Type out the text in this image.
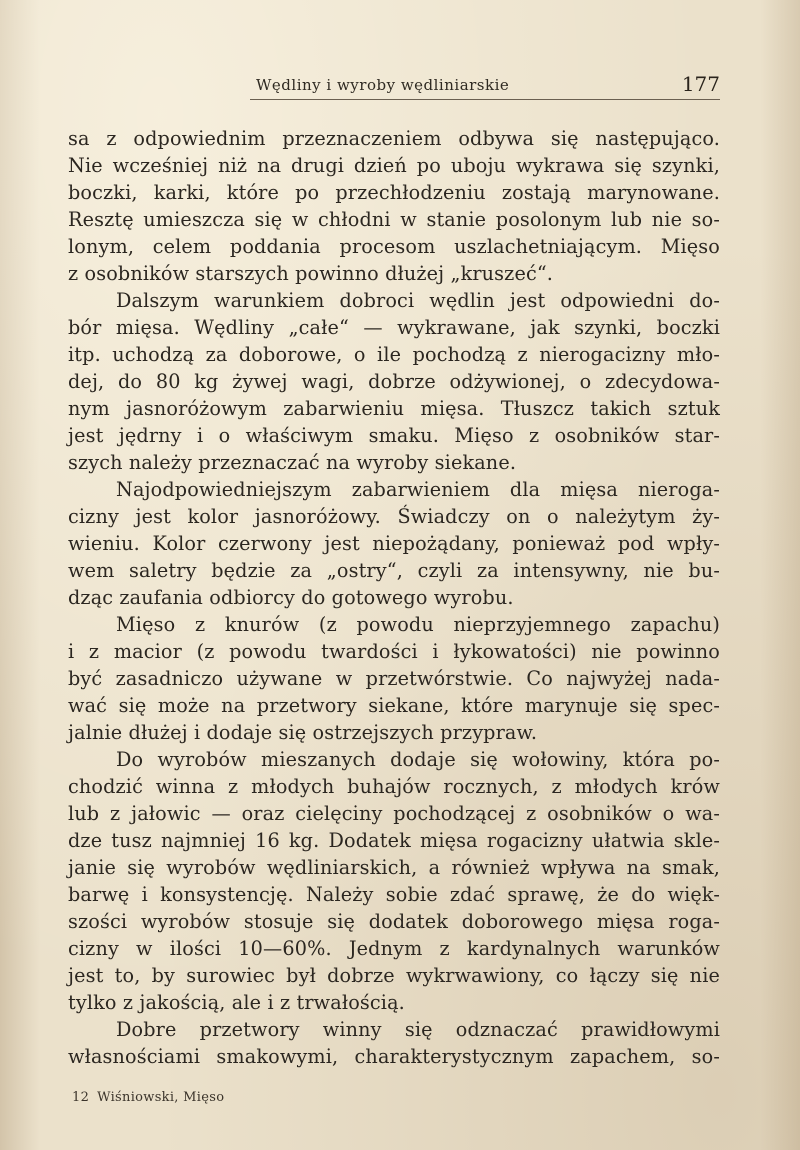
Wędliny i wyroby wędliniarskie	177
sa z odpowiednim przeznaczeniem odbywa się następująco.
Nie wcześniej niż na drugi dzień po uboju wykrawa się szynki,
boczki, karki, które po przechłodzeniu zostają marynowane.
Resztę umieszcza się w chłodni w stanie posolonym lub nie so-
lonym, celem poddania procesom uszlachetniającym. Mięso
z osobników starszych powinno dłużej „kruszeć“.
Dalszym warunkiem dobroci wędlin jest odpowiedni do-
bór mięsa. Wędliny „całe“ — wykrawane, jak szynki, boczki
itp. uchodzą za doborowe, o ile pochodzą z nierogacizny mło-
dej, do 80 kg żywej wagi, dobrze odżywionej, o zdecydowa-
nym jasnoróżowym zabarwieniu mięsa. Tłuszcz takich sztuk
jest jędrny i o właściwym smaku. Mięso z osobników star-
szych należy przeznaczać na wyroby siekane.
Najodpowiedniejszym zabarwieniem dla mięsa nieroga-
cizny jest kolor jasnoróżowy. Świadczy on o należytym ży-
wieniu. Kolor czerwony jest niepożądany, ponieważ pod wpły-
wem saletry będzie za „ostry“, czyli za intensywny, nie bu-
dząc zaufania odbiorcy do gotowego wyrobu.
Mięso z knurów (z powodu nieprzyjemnego zapachu)
i z macior (z powodu twardości i łykowatości) nie powinno
być zasadniczo używane w przetwórstwie. Co najwyżej nada-
wać się może na przetwory siekane, które marynuje się spec-
jalnie dłużej i dodaje się ostrzejszych przypraw.
Do wyrobów mieszanych dodaje się wołowiny, która po-
chodzić winna z młodych buhajów rocznych, z młodych krów
lub z jałowic — oraz cielęciny pochodzącej z osobników o wa-
dze tusz najmniej 16 kg. Dodatek mięsa rogacizny ułatwia skle-
janie się wyrobów wędliniarskich, a również wpływa na smak,
barwę i konsystencję. Należy sobie zdać sprawę, że do więk-
szości wyrobów stosuje się dodatek doborowego mięsa roga-
cizny w ilości 10—60%. Jednym z kardynalnych warunków
jest to, by surowiec był dobrze wykrwawiony, co łączy się nie
tylko z jakością, ale i z trwałością.
Dobre przetwory winny się odznaczać prawidłowymi
własnościami smakowymi, charakterystycznym zapachem, so-
12 Wiśniowski, Mięso
